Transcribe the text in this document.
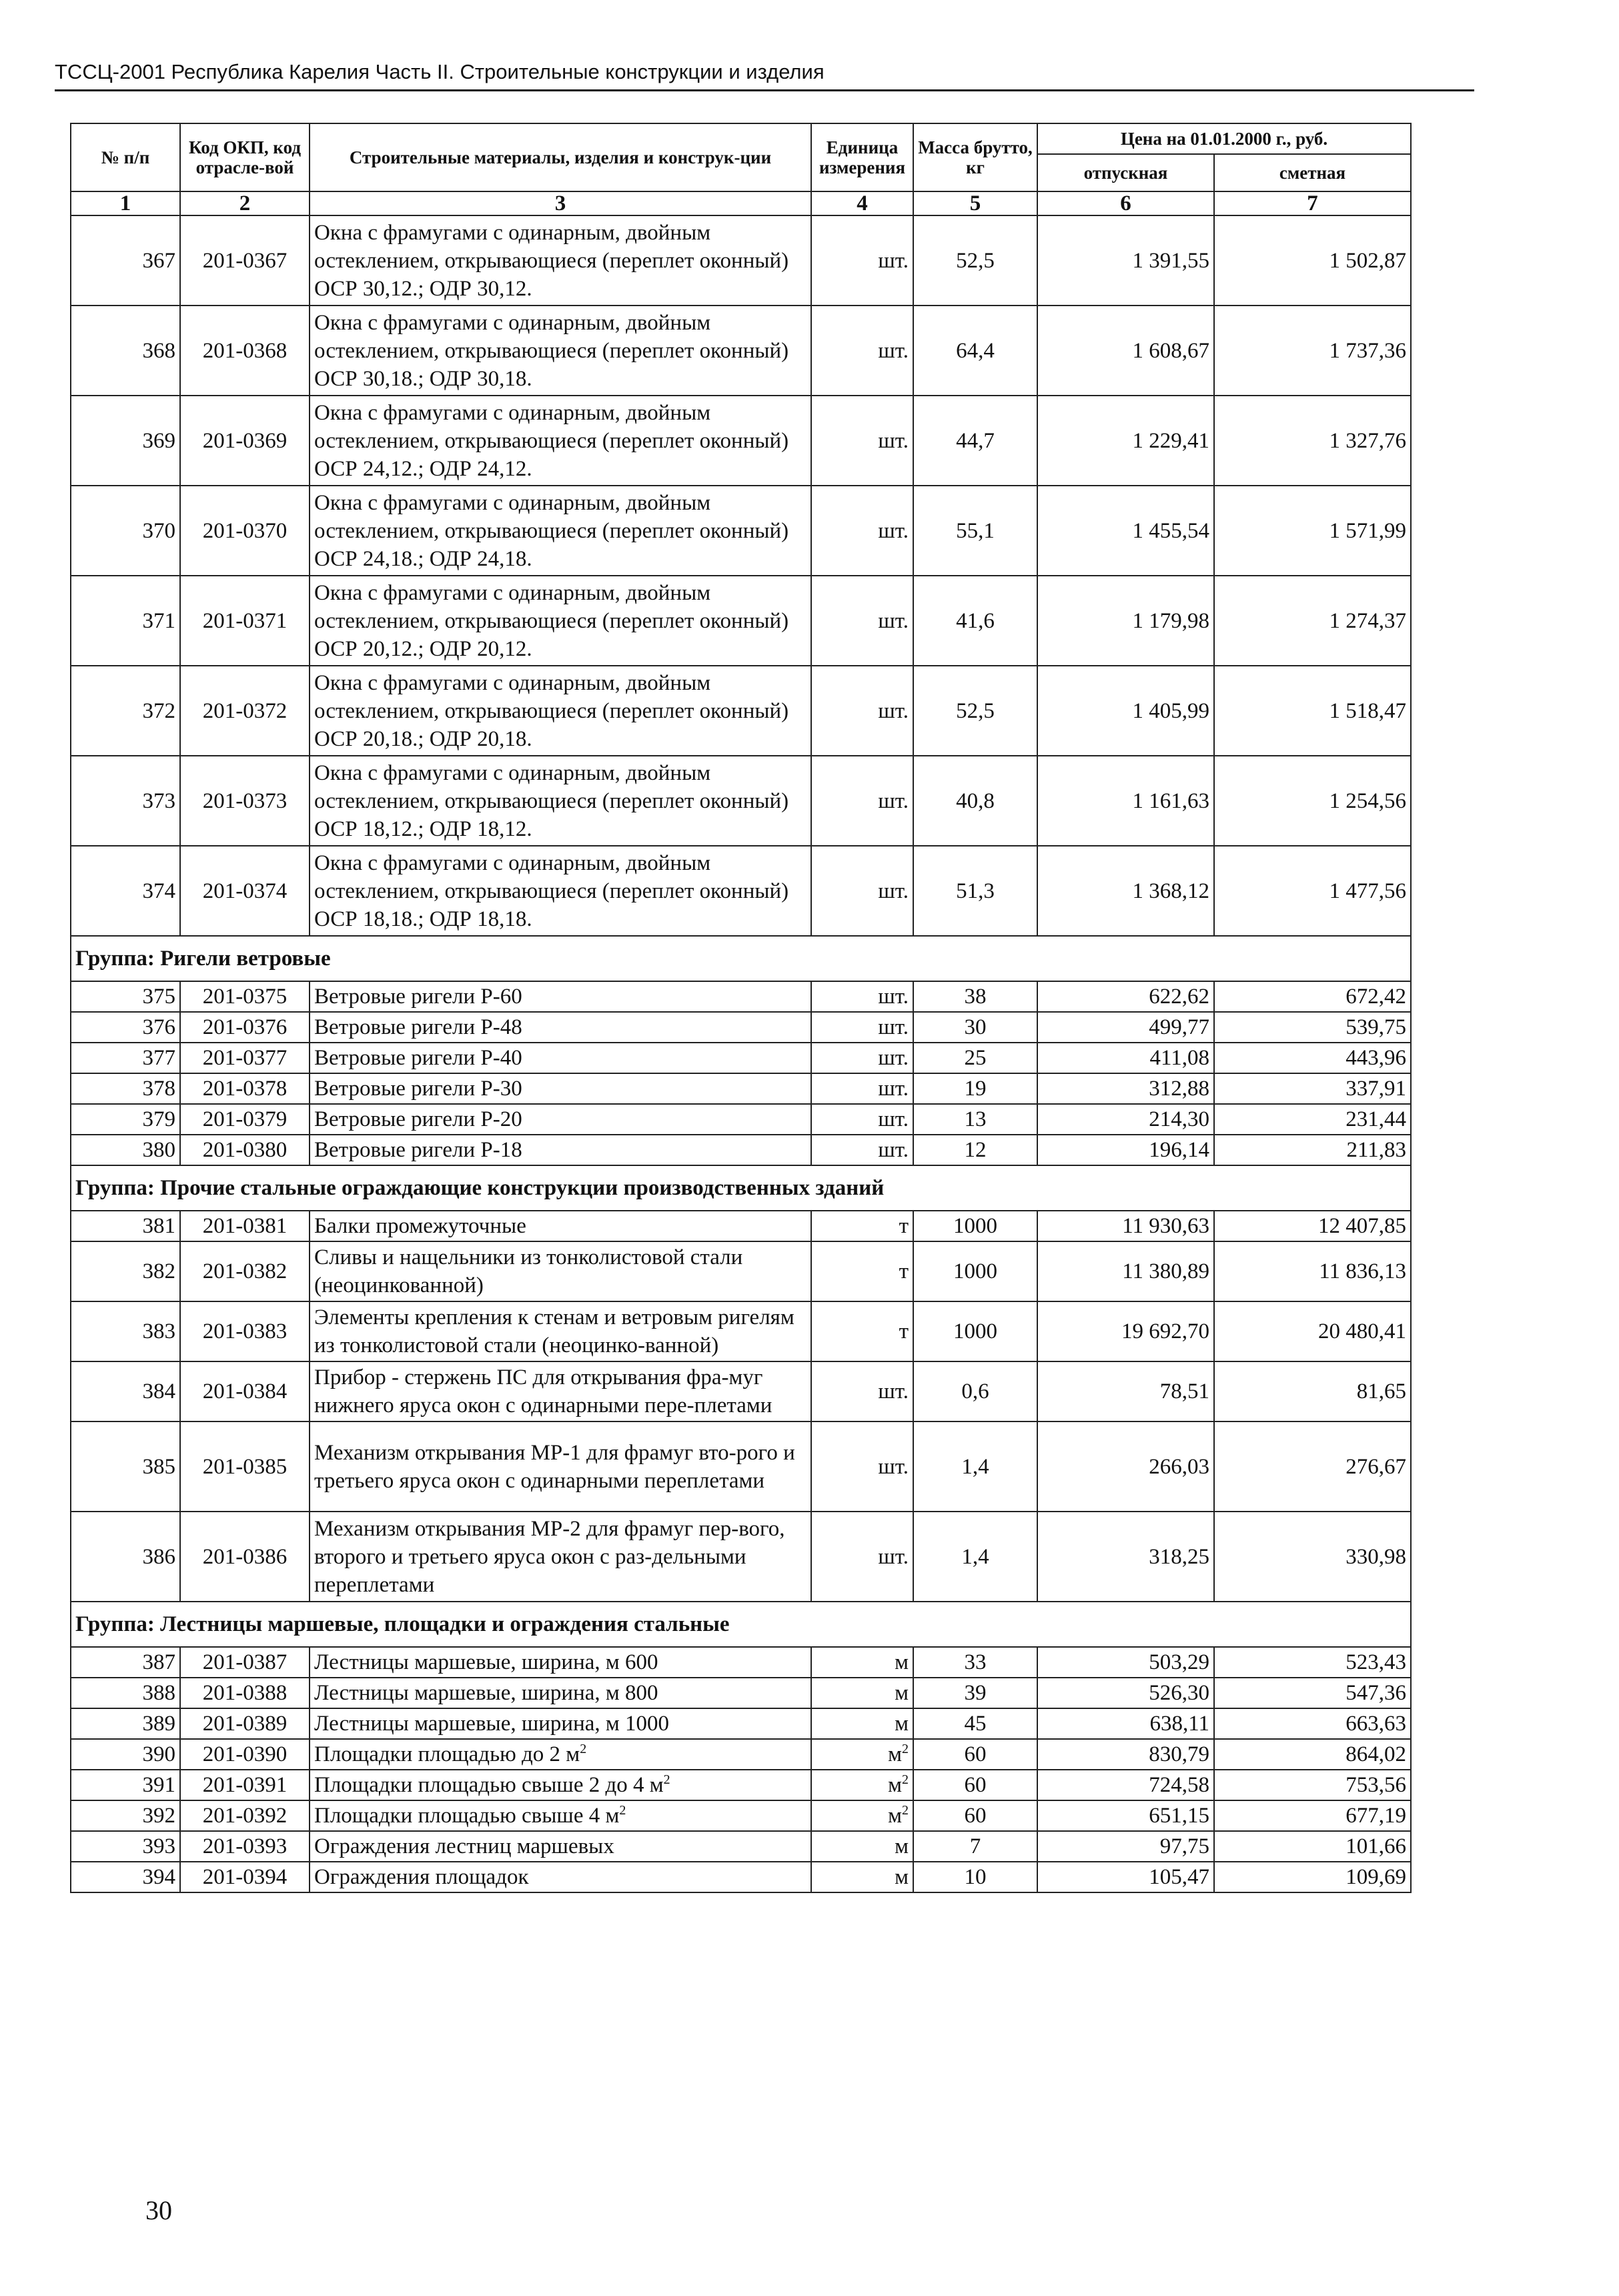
ТССЦ-2001 Республика Карелия Часть II. Строительные конструкции и изделия
№ п/п	Код ОКП, код отрасле-вой	Строительные материалы, изделия и конструк-ции	Единица измерения	Масса брутто, кг	Цена на 01.01.2000 г., руб.	
					отпускная	сметная
1	2	3	4	5	6	7
367	201-0367	Окна с фрамугами с одинарным, двойным остеклением, открывающиеся (переплет оконный) ОСР 30,12.; ОДР 30,12.	шт.	52,5	1 391,55	1 502,87
368	201-0368	Окна с фрамугами с одинарным, двойным остеклением, открывающиеся (переплет оконный) ОСР 30,18.; ОДР 30,18.	шт.	64,4	1 608,67	1 737,36
369	201-0369	Окна с фрамугами с одинарным, двойным остеклением, открывающиеся (переплет оконный) ОСР 24,12.; ОДР 24,12.	шт.	44,7	1 229,41	1 327,76
370	201-0370	Окна с фрамугами с одинарным, двойным остеклением, открывающиеся (переплет оконный) ОСР 24,18.; ОДР 24,18.	шт.	55,1	1 455,54	1 571,99
371	201-0371	Окна с фрамугами с одинарным, двойным остеклением, открывающиеся (переплет оконный) ОСР 20,12.; ОДР 20,12.	шт.	41,6	1 179,98	1 274,37
372	201-0372	Окна с фрамугами с одинарным, двойным остеклением, открывающиеся (переплет оконный) ОСР 20,18.; ОДР 20,18.	шт.	52,5	1 405,99	1 518,47
373	201-0373	Окна с фрамугами с одинарным, двойным остеклением, открывающиеся (переплет оконный) ОСР 18,12.; ОДР 18,12.	шт.	40,8	1 161,63	1 254,56
374	201-0374	Окна с фрамугами с одинарным, двойным остеклением, открывающиеся (переплет оконный) ОСР 18,18.; ОДР 18,18.	шт.	51,3	1 368,12	1 477,56
Группа: Ригели ветровые						
375	201-0375	Ветровые ригели Р-60	шт.	38	622,62	672,42
376	201-0376	Ветровые ригели Р-48	шт.	30	499,77	539,75
377	201-0377	Ветровые ригели Р-40	шт.	25	411,08	443,96
378	201-0378	Ветровые ригели Р-30	шт.	19	312,88	337,91
379	201-0379	Ветровые ригели Р-20	шт.	13	214,30	231,44
380	201-0380	Ветровые ригели Р-18	шт.	12	196,14	211,83
Группа: Прочие стальные ограждающие конструкции производственных зданий						
381	201-0381	Балки промежуточные	т	1000	11 930,63	12 407,85
382	201-0382	Сливы и нащельники из тонколистовой стали (неоцинкованной)	т	1000	11 380,89	11 836,13
383	201-0383	Элементы крепления к стенам и ветровым ригелям из тонколистовой стали (неоцинко-ванной)	т	1000	19 692,70	20 480,41
384	201-0384	Прибор - стержень ПС для открывания фра-муг нижнего яруса окон с одинарными пере-плетами	шт.	0,6	78,51	81,65
385	201-0385	Механизм открывания МР-1 для фрамуг вто-рого и третьего яруса окон с одинарными переплетами	шт.	1,4	266,03	276,67
386	201-0386	Механизм открывания МР-2 для фрамуг пер-вого, второго и третьего яруса окон с раз-дельными переплетами	шт.	1,4	318,25	330,98
Группа: Лестницы маршевые, площадки и ограждения стальные						
387	201-0387	Лестницы маршевые, ширина, м 600	м	33	503,29	523,43
388	201-0388	Лестницы маршевые, ширина, м 800	м	39	526,30	547,36
389	201-0389	Лестницы маршевые, ширина, м 1000	м	45	638,11	663,63
390	201-0390	Площадки площадью до 2 $м^2$	$м^2$	60	830,79	864,02
391	201-0391	Площадки площадью свыше 2 до 4 $м^2$	$м^2$	60	724,58	753,56
392	201-0392	Площадки площадью свыше 4 $м^2$	$м^2$	60	651,15	677,19
393	201-0393	Ограждения лестниц маршевых	м	7	97,75	101,66
394	201-0394	Ограждения площадок	м	10	105,47	109,69
30
